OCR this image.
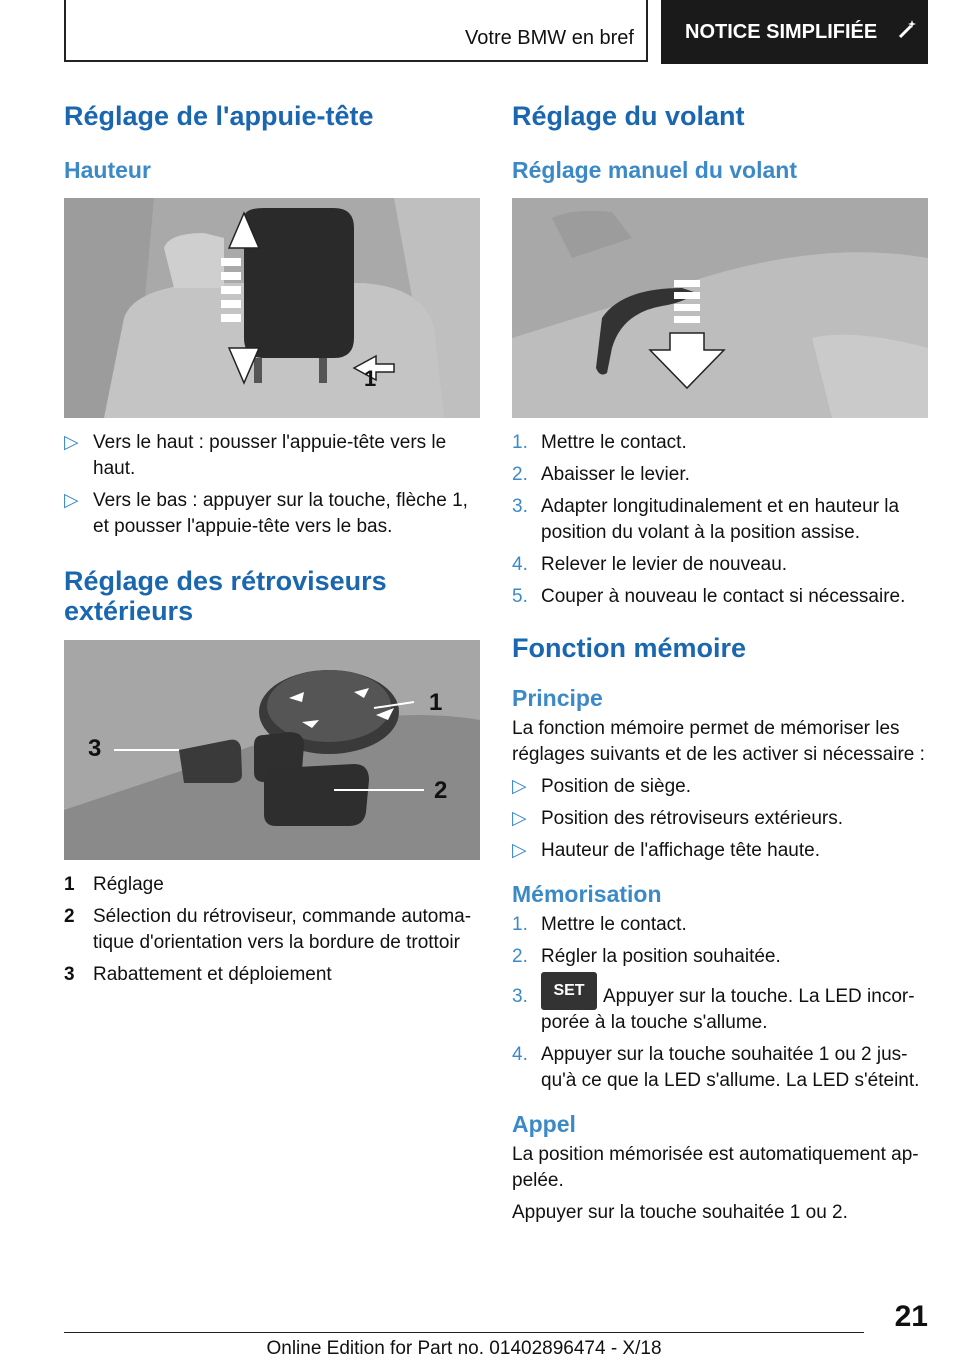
Votre BMW en bref	NOTICE SIMPLIFIÉE
Réglage de l'appuie-tête
Hauteur
1
▷ Vers le haut : pousser l'appuie-tête vers le haut.
▷ Vers le bas : appuyer sur la touche, flèche 1, et pousser l'appuie-tête vers le bas.
Réglage des rétroviseurs extérieurs
1
2
3
1 Réglage
2 Sélection du rétroviseur, commande automa-tique d'orientation vers la bordure de trottoir
3 Rabattement et déploiement
Réglage du volant
Réglage manuel du volant
1. Mettre le contact.
2. Abaisser le levier.
3. Adapter longitudinalement et en hauteur la position du volant à la position assise.
4. Relever le levier de nouveau.
5. Couper à nouveau le contact si nécessaire.
Fonction mémoire
Principe

La fonction mémoire permet de mémoriser les réglages suivants et de les activer si nécessaire :

▷ Position de siège.
▷ Position des rétroviseurs extérieurs.
▷ Hauteur de l'affichage tête haute.
Mémorisation
1. Mettre le contact.
2. Régler la position souhaitée.
3. SET Appuyer sur la touche. La LED incor-porée à la touche s'allume.
4. Appuyer sur la touche souhaitée 1 ou 2 jus-qu'à ce que la LED s'allume. La LED s'éteint.
Appel

La position mémorisée est automatiquement ap-pelée.

Appuyer sur la touche souhaitée 1 ou 2.

21
Online Edition for Part no. 01402896474 - X/18
